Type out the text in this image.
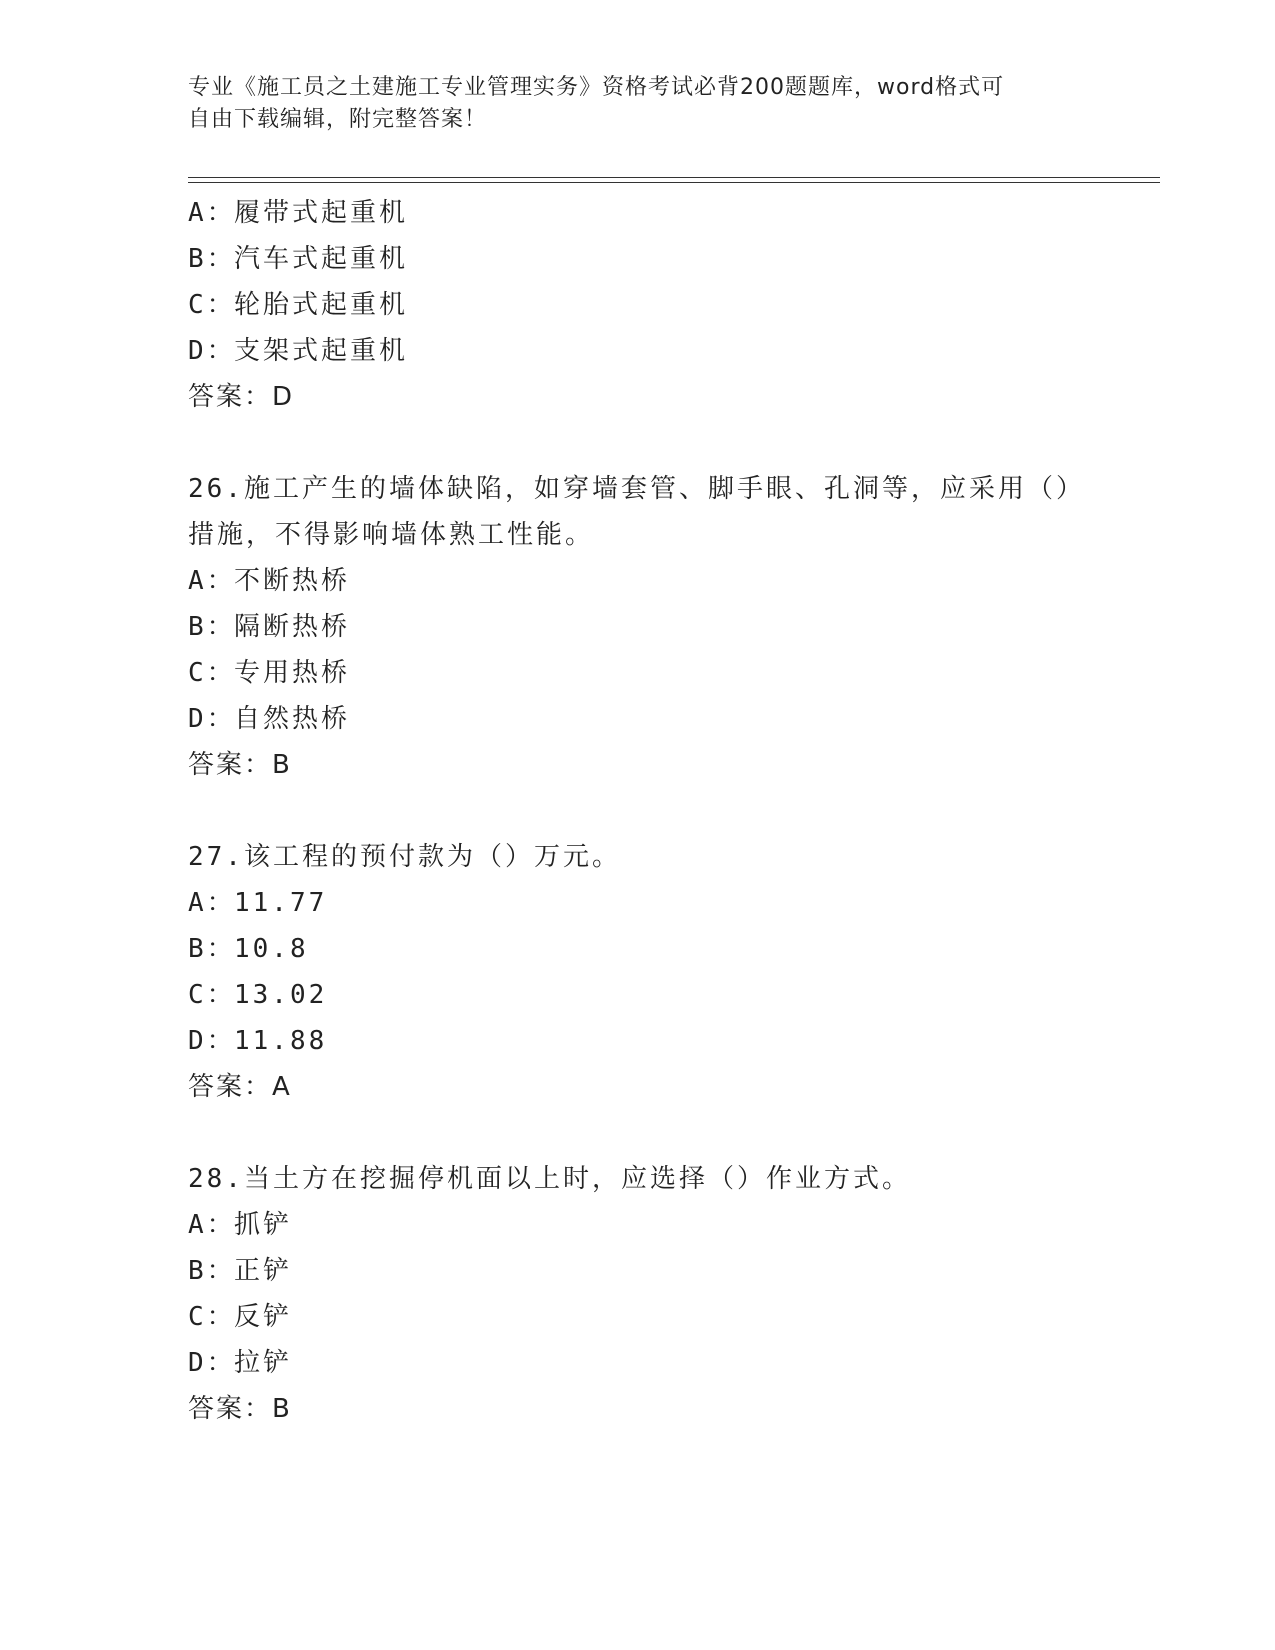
专业《施工员之土建施工专业管理实务》资格考试必背200题题库，word格式可
自由下载编辑，附完整答案！
A：履带式起重机
B：汽车式起重机
C：轮胎式起重机
D：支架式起重机
答案：D
26.施工产生的墙体缺陷，如穿墙套管、脚手眼、孔洞等，应采用（）
措施，不得影响墙体熟工性能。
A：不断热桥
B：隔断热桥
C：专用热桥
D：自然热桥
答案：B
27.该工程的预付款为（）万元。
A：11.77
B：10.8
C：13.02
D：11.88
答案：A
28.当土方在挖掘停机面以上时，应选择（）作业方式。
A：抓铲
B：正铲
C：反铲
D：拉铲
答案：B
